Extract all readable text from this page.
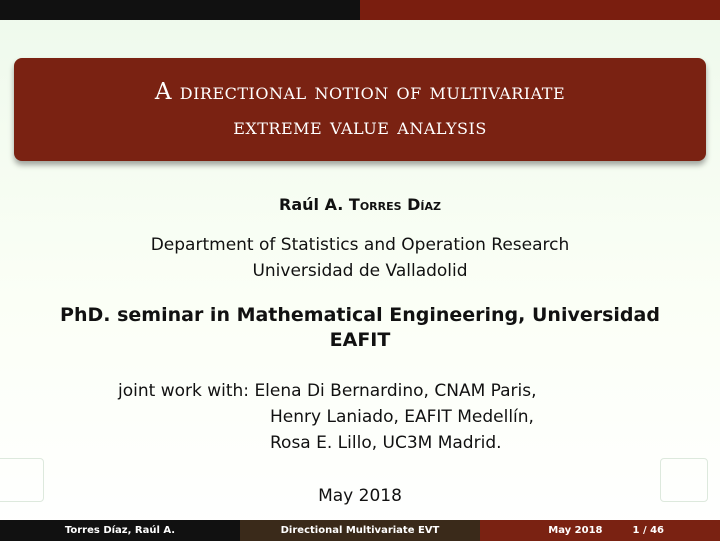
A directional notion of multivariate
extreme value analysis
Raúl A. Torres Díaz
Department of Statistics and Operation Research
Universidad de Valladolid
PhD. seminar in Mathematical Engineering, Universidad EAFIT
joint work with: Elena Di Bernardino, CNAM Paris,
Henry Laniado, EAFIT Medellín,
Rosa E. Lillo, UC3M Madrid.
May 2018
Torres Díaz, Raúl A.	Directional Multivariate EVT	May 2018	1 / 46
